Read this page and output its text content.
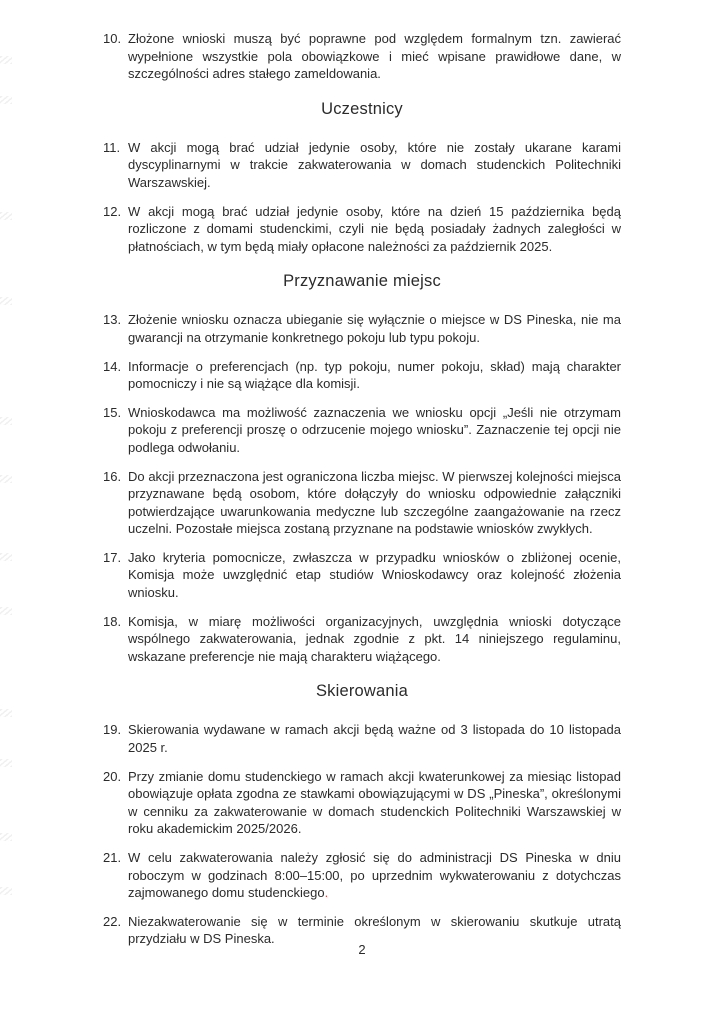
10. Złożone wnioski muszą być poprawne pod względem formalnym tzn. zawierać wypełnione wszystkie pola obowiązkowe i mieć wpisane prawidłowe dane, w szczególności adres stałego zameldowania.
Uczestnicy
11. W akcji mogą brać udział jedynie osoby, które nie zostały ukarane karami dyscyplinarnymi w trakcie zakwaterowania w domach studenckich Politechniki Warszawskiej.
12. W akcji mogą brać udział jedynie osoby, które na dzień 15 października będą rozliczone z domami studenckimi, czyli nie będą posiadały żadnych zaległości w płatnościach, w tym będą miały opłacone należności za październik 2025.
Przyznawanie miejsc
13. Złożenie wniosku oznacza ubieganie się wyłącznie o miejsce w DS Pineska, nie ma gwarancji na otrzymanie konkretnego pokoju lub typu pokoju.
14. Informacje o preferencjach (np. typ pokoju, numer pokoju, skład) mają charakter pomocniczy i nie są wiążące dla komisji.
15. Wnioskodawca ma możliwość zaznaczenia we wniosku opcji „Jeśli nie otrzymam pokoju z preferencji proszę o odrzucenie mojego wniosku”. Zaznaczenie tej opcji nie podlega odwołaniu.
16. Do akcji przeznaczona jest ograniczona liczba miejsc. W pierwszej kolejności miejsca przyznawane będą osobom, które dołączyły do wniosku odpowiednie załączniki potwierdzające uwarunkowania medyczne lub szczególne zaangażowanie na rzecz uczelni. Pozostałe miejsca zostaną przyznane na podstawie wniosków zwykłych.
17. Jako kryteria pomocnicze, zwłaszcza w przypadku wniosków o zbliżonej ocenie, Komisja może uwzględnić etap studiów Wnioskodawcy oraz kolejność złożenia wniosku.
18. Komisja, w miarę możliwości organizacyjnych, uwzględnia wnioski dotyczące wspólnego zakwaterowania, jednak zgodnie z pkt. 14 niniejszego regulaminu, wskazane preferencje nie mają charakteru wiążącego.
Skierowania
19. Skierowania wydawane w ramach akcji będą ważne od 3 listopada do 10 listopada 2025 r.
20. Przy zmianie domu studenckiego w ramach akcji kwaterunkowej za miesiąc listopad obowiązuje opłata zgodna ze stawkami obowiązującymi w DS „Pineska”, określonymi w cenniku za zakwaterowanie w domach studenckich Politechniki Warszawskiej w roku akademickim 2025/2026.
21. W celu zakwaterowania należy zgłosić się do administracji DS Pineska w dniu roboczym w godzinach 8:00–15:00, po uprzednim wykwaterowaniu z dotychczas zajmowanego domu studenckiego.
22. Niezakwaterowanie się w terminie określonym w skierowaniu skutkuje utratą przydziału w DS Pineska.
2
